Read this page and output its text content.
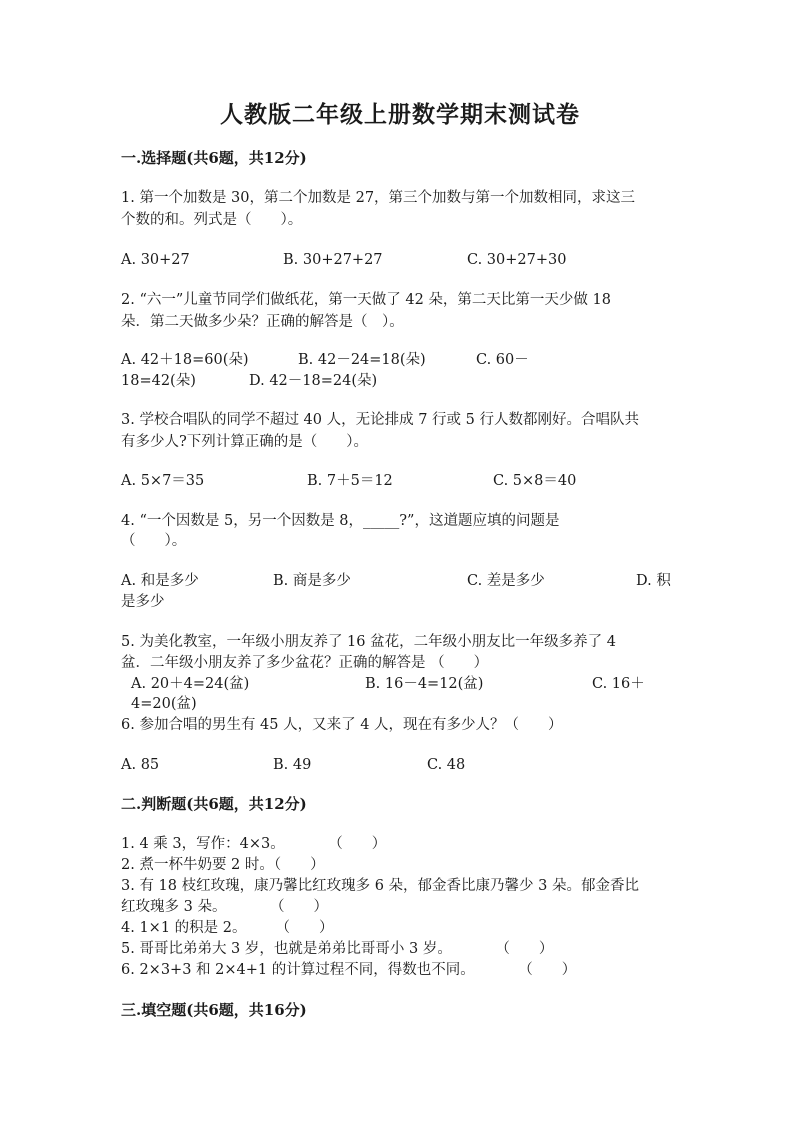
人教版二年级上册数学期末测试卷
一.选择题(共6题，共12分)
1. 第一个加数是 30，第二个加数是 27，第三个加数与第一个加数相同，求这三
个数的和。列式是（　　）。
A. 30+27	B. 30+27+27	C. 30+27+30
2. “六一”儿童节同学们做纸花，第一天做了 42 朵，第二天比第一天少做 18
朵．第二天做多少朵？正确的解答是（　）。
A. 42＋18=60(朵)	B. 42－24=18(朵)	C. 60－
18=42(朵)	D. 42－18=24(朵)
3. 学校合唱队的同学不超过 40 人，无论排成 7 行或 5 行人数都刚好。合唱队共
有多少人?下列计算正确的是（　　）。
A. 5×7＝35	B. 7＋5＝12	C. 5×8＝40
4. “一个因数是 5，另一个因数是 8，_____?”，这道题应填的问题是
（　　）。
A. 和是多少	B. 商是多少	C. 差是多少	D. 积
是多少
5. 为美化教室，一年级小朋友养了 16 盆花，二年级小朋友比一年级多养了 4
盆．二年级小朋友养了多少盆花？正确的解答是 （　　）
A. 20＋4=24(盆)	B. 16－4=12(盆)	C. 16＋
4=20(盆)
6. 参加合唱的男生有 45 人，又来了 4 人，现在有多少人？（　　）
A. 85	B. 49	C. 48
二.判断题(共6题，共12分)
1. 4 乘 3，写作：4×3。　　　　（　　）
2. 煮一杯牛奶要 2 时。（　　）
3. 有 18 枝红玫瑰，康乃馨比红玫瑰多 6 朵，郁金香比康乃馨少 3 朵。郁金香比
红玫瑰多 3 朵。　　　　（　　）
4. 1×1 的积是 2。　　　（　　）
5. 哥哥比弟弟大 3 岁，也就是弟弟比哥哥小 3 岁。　　　　（　　）
6. 2×3+3 和 2×4+1 的计算过程不同，得数也不同。　　　　（　　）
三.填空题(共6题，共16分)
